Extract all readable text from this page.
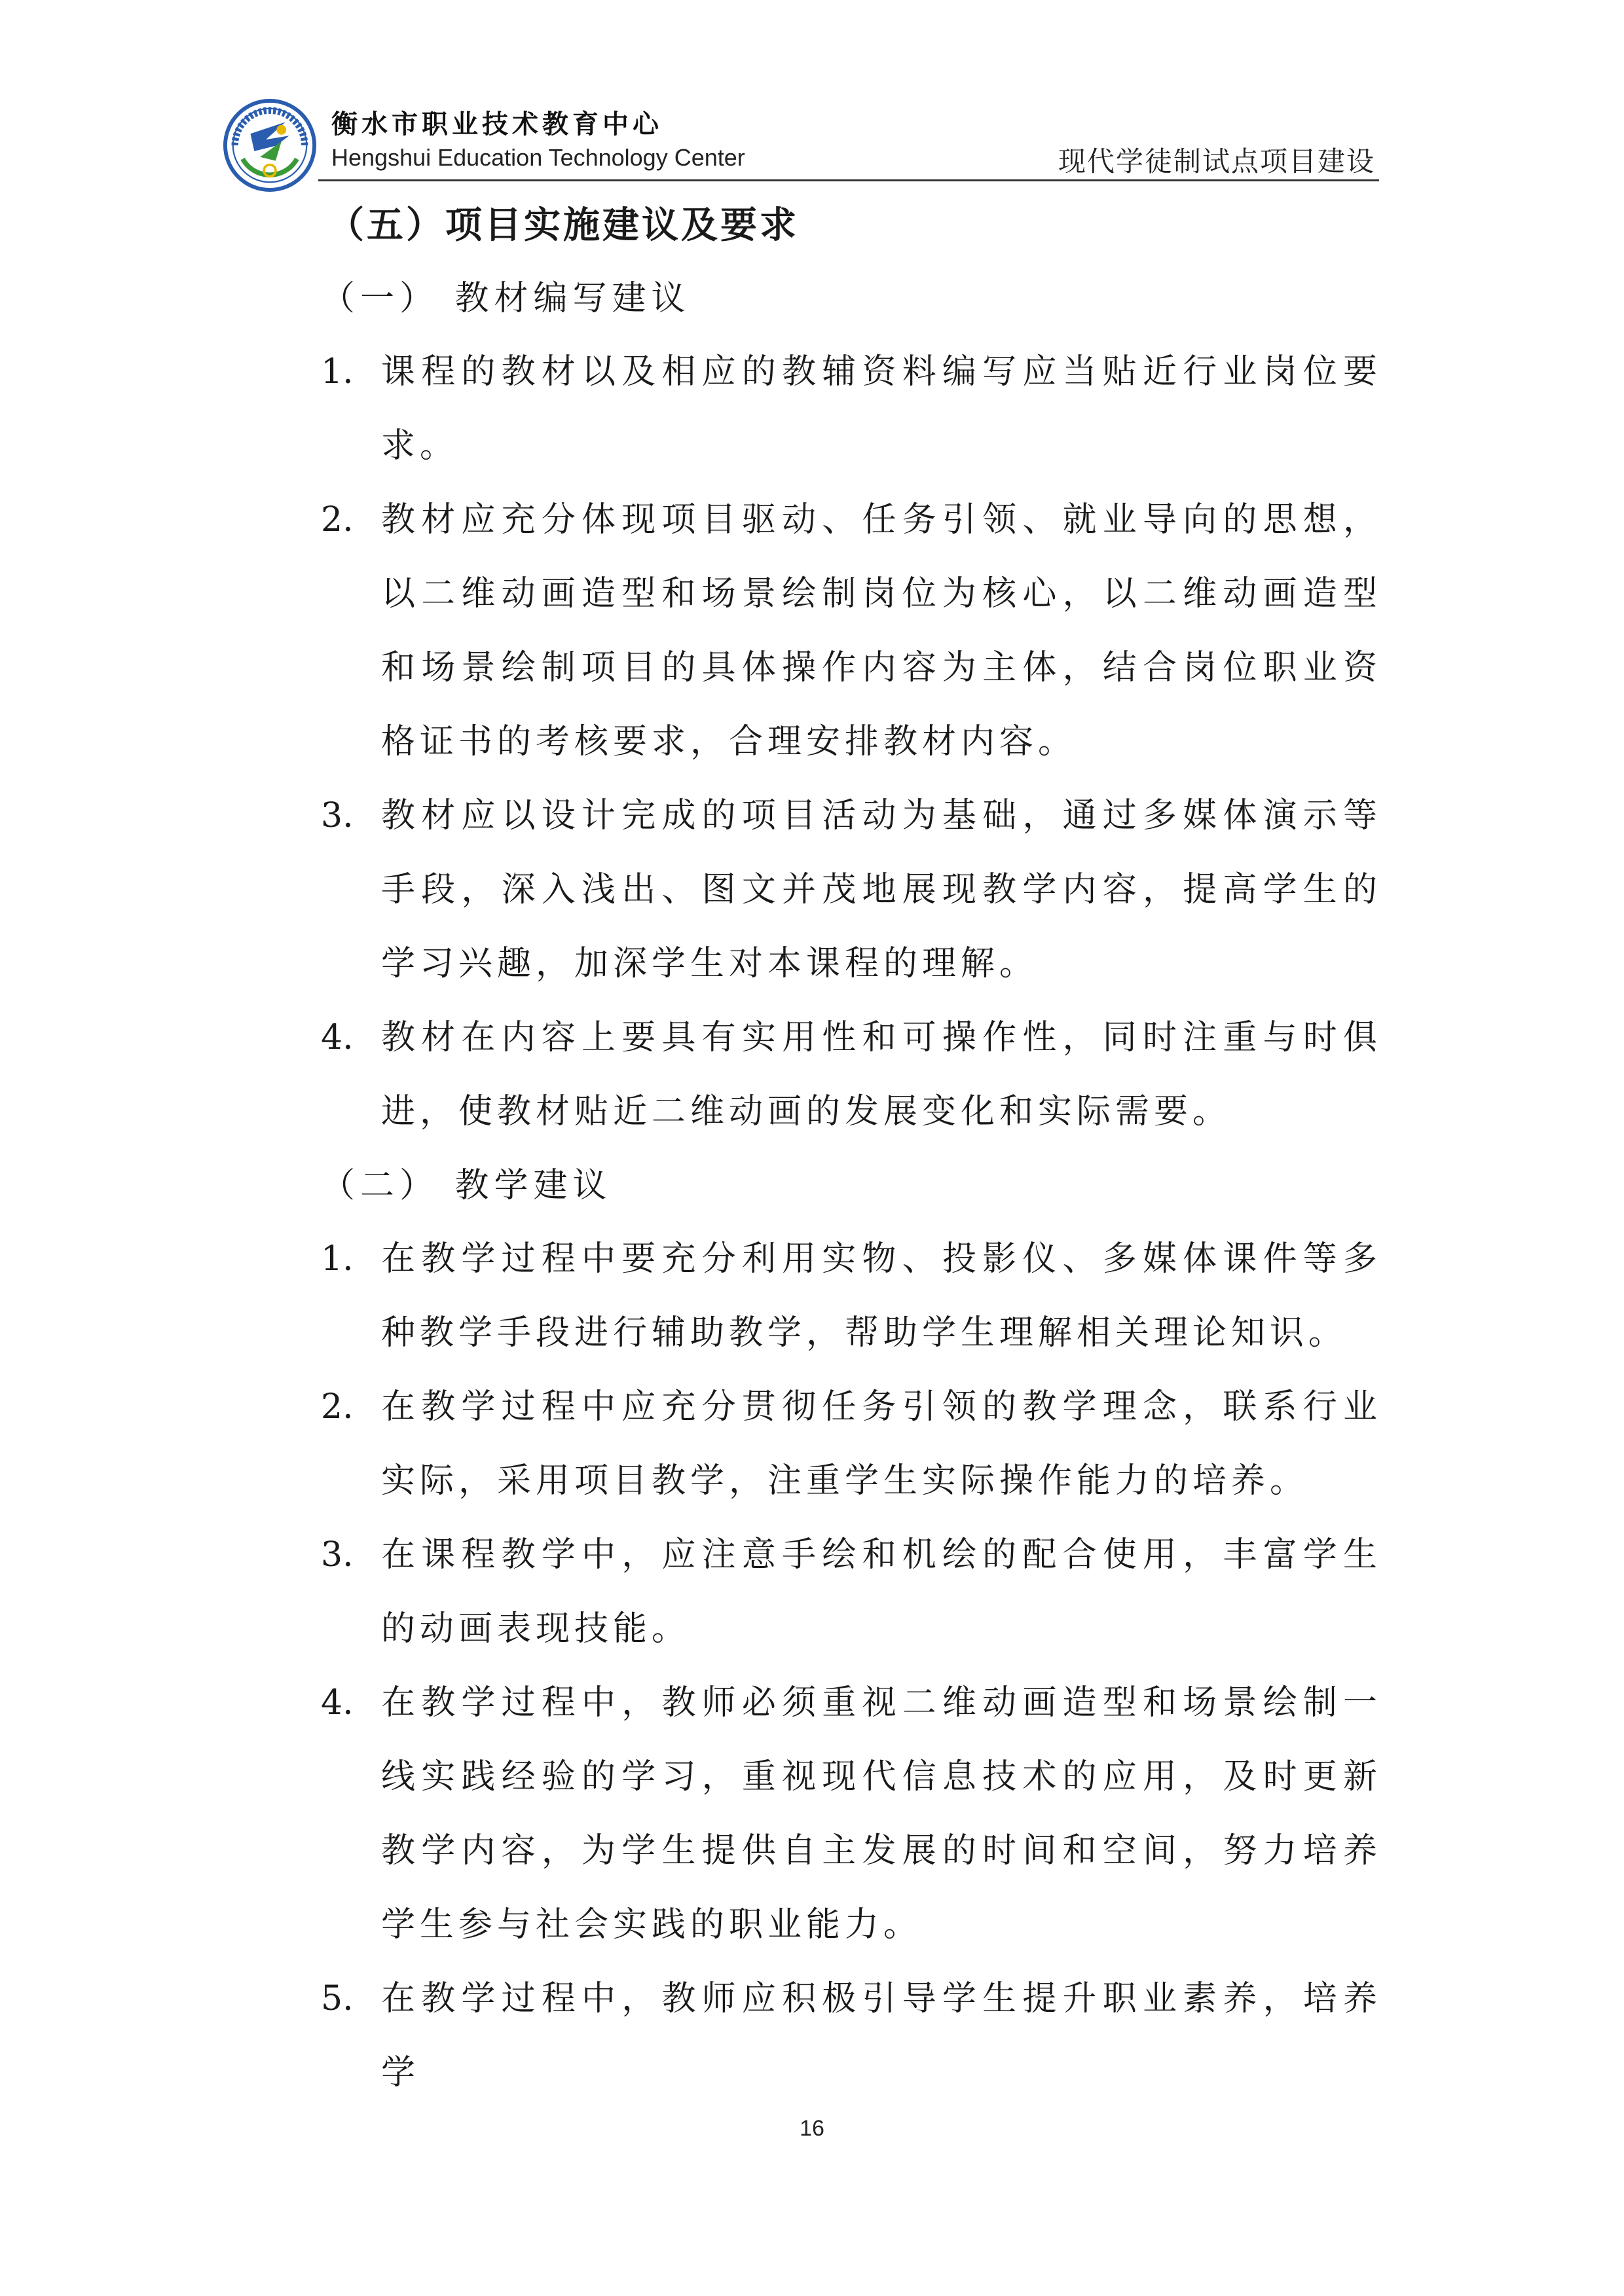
衡水市职业技术教育中心
Hengshui Education Technology Center	现代学徒制试点项目建设
（五）项目实施建议及要求
（一） 教材编写建议
1. 课程的教材以及相应的教辅资料编写应当贴近行业岗位要求。
2. 教材应充分体现项目驱动、任务引领、就业导向的思想，以二维动画造型和场景绘制岗位为核心，以二维动画造型和场景绘制项目的具体操作内容为主体，结合岗位职业资格证书的考核要求，合理安排教材内容。
3. 教材应以设计完成的项目活动为基础，通过多媒体演示等手段，深入浅出、图文并茂地展现教学内容，提高学生的学习兴趣，加深学生对本课程的理解。
4. 教材在内容上要具有实用性和可操作性，同时注重与时俱进，使教材贴近二维动画的发展变化和实际需要。
（二） 教学建议
1. 在教学过程中要充分利用实物、投影仪、多媒体课件等多种教学手段进行辅助教学，帮助学生理解相关理论知识。
2. 在教学过程中应充分贯彻任务引领的教学理念，联系行业实际，采用项目教学，注重学生实际操作能力的培养。
3. 在课程教学中，应注意手绘和机绘的配合使用，丰富学生的动画表现技能。
4. 在教学过程中，教师必须重视二维动画造型和场景绘制一线实践经验的学习，重视现代信息技术的应用，及时更新教学内容，为学生提供自主发展的时间和空间，努力培养学生参与社会实践的职业能力。
5. 在教学过程中，教师应积极引导学生提升职业素养，培养学
16
